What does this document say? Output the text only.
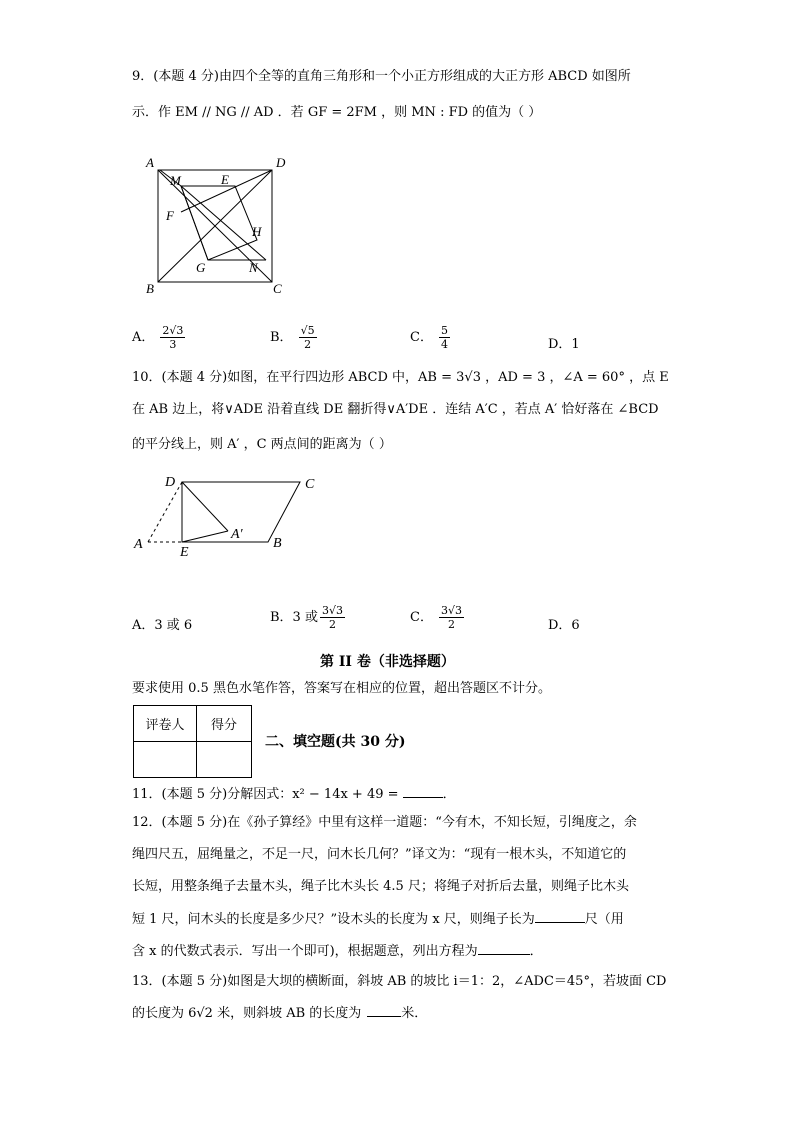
9．(本题 4 分)由四个全等的直角三角形和一个小正方形组成的大正方形 ABCD 如图所
示．作 EM // NG // AD ．若 GF = 2FM ，则 MN : FD 的值为（ ）
A	D
B	C
M	E
F
H
G	N
A． $\frac{2√3}{3}$	B． $\frac{√5}{2}$	C． $\frac{5}{4}$	D．1
10．(本题 4 分)如图，在平行四边形 ABCD 中，AB = 3√3 ，AD = 3 ，∠A = 60° ，点 E
在 AB 边上，将∨ADE 沿着直线 DE 翻折得∨A′DE ．连结 A′C ，若点 A′ 恰好落在 ∠BCD
的平分线上，则 A′ ，C 两点间的距离为（ ）
D	C
A′
A
E
B
A．3 或 6
B．3 或 $\frac{3√3}{2}$	C． $\frac{3√3}{2}$	D．6
第 II 卷（非选择题）
要求使用 0.5 黑色水笔作答，答案写在相应的位置，超出答题区不计分。
评卷人	得分

二、填空题(共 30 分)
11．(本题 5 分)分解因式：x² − 14x + 49 =	．
12．(本题 5 分)在《孙子算经》中里有这样一道题：“今有木，不知长短，引绳度之，余
绳四尺五，屈绳量之，不足一尺，问木长几何？”译文为：“现有一根木头，不知道它的
长短，用整条绳子去量木头，绳子比木头长 4.5 尺；将绳子对折后去量，则绳子比木头
短 1 尺，问木头的长度是多少尺？”设木头的长度为 x 尺，则绳子长为	尺（用
含 x 的代数式表示．写出一个即可)，根据题意，列出方程为	．
13．(本题 5 分)如图是大坝的横断面，斜坡 AB 的坡比 i＝1：2，∠ADC＝45°，若坡面 CD
的长度为 6√2 米，则斜坡 AB 的长度为	米．
